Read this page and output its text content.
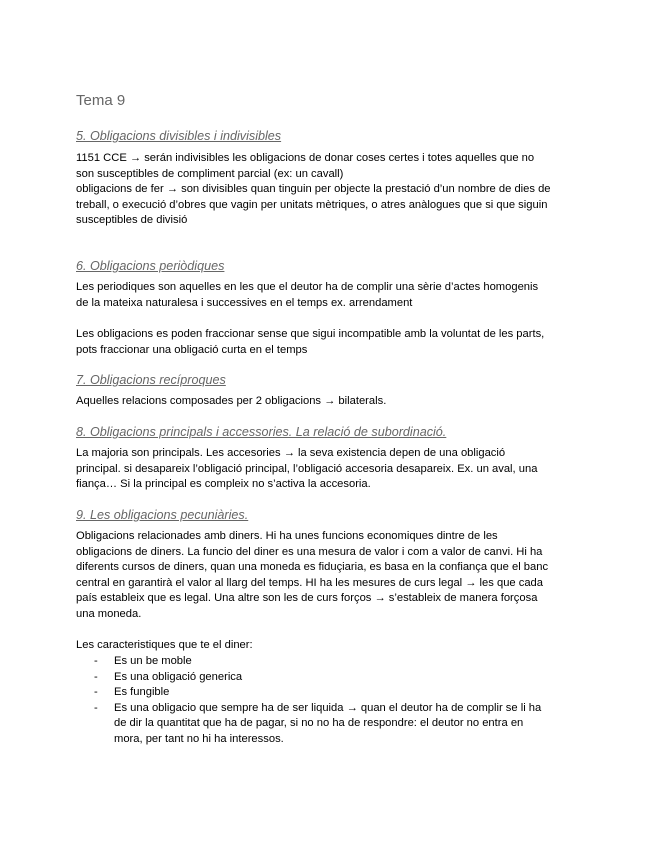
Tema 9
5. Obligacions divisibles i indivisibles

1151 CCE → serán indivisibles les obligacions de donar coses certes i totes aquelles que no
son susceptibles de compliment parcial (ex: un cavall)
obligacions de fer → son divisibles quan tinguin per objecte la prestació d’un nombre de dies de
treball, o execució d’obres que vagin per unitats mètriques, o atres anàlogues que si que siguin
susceptibles de divisió

6. Obligacions periòdiques

Les periodiques son aquelles en les que el deutor ha de complir una sèrie d’actes homogenis
de la mateixa naturalesa i successives en el temps ex. arrendament

Les obligacions es poden fraccionar sense que sigui incompatible amb la voluntat de les parts,
pots fraccionar una obligació curta en el temps

7. Obligacions recíproques

Aquelles relacions composades per 2 obligacions → bilaterals.

8. Obligacions principals i accessories. La relació de subordinació.

La majoria son principals. Les accesories → la seva existencia depen de una obligació
principal. si desapareix l’obligació principal, l’obligació accesoria desapareix. Ex. un aval, una
fiança… Si la principal es compleix no s’activa la accesoria.

9. Les obligacions pecuniàries.

Obligacions relacionades amb diners. Hi ha unes funcions economiques dintre de les
obligacions de diners. La funcio del diner es una mesura de valor i com a valor de canvi. Hi ha
diferents cursos de diners, quan una moneda es fiduçiaria, es basa en la confiança que el banc
central en garantirà el valor al llarg del temps. HI ha les mesures de curs legal → les que cada
país estableix que es legal. Una altre son les de curs forços → s’estableix de manera forçosa
una moneda.

Les caracteristiques que te el diner:

- Es un be moble
- Es una obligació generica
- Es fungible
- Es una obligacio que sempre ha de ser liquida → quan el deutor ha de complir se li ha
de dir la quantitat que ha de pagar, si no no ha de respondre: el deutor no entra en
mora, per tant no hi ha interessos.
